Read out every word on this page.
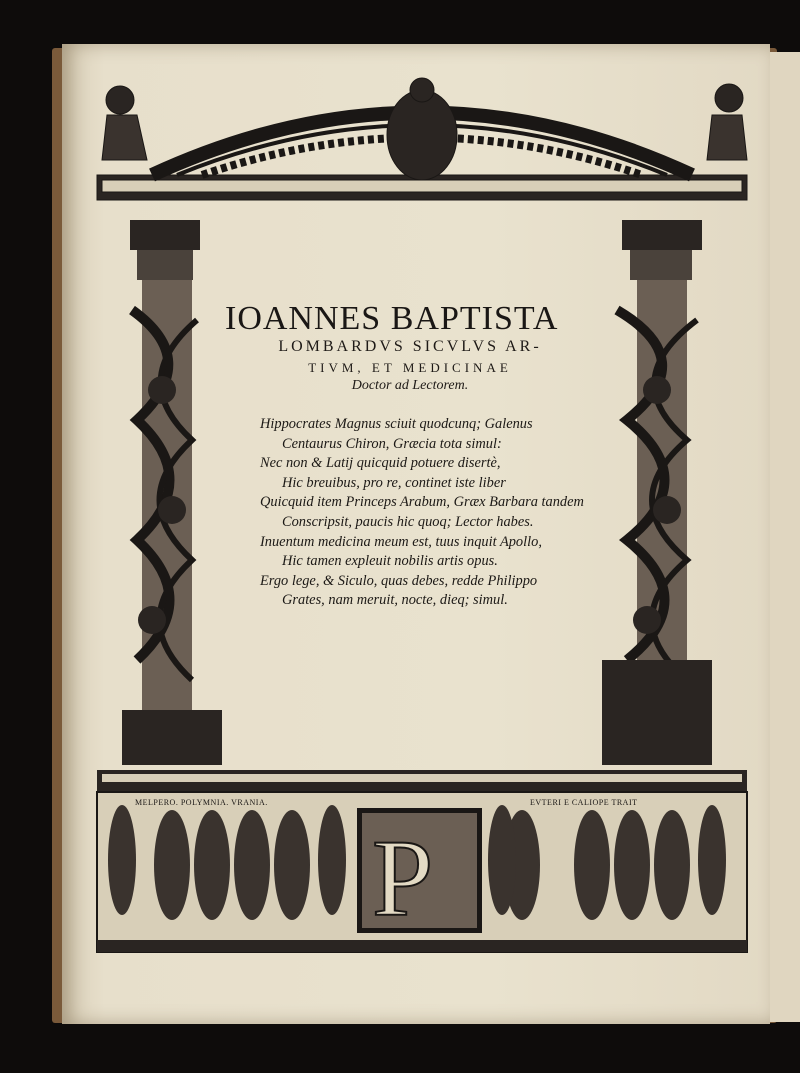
P
MELPERO. POLYMNIA. VRANIA.	EVTERI E CALIOPE TRAIT
IOANNES BAPTISTA
LOMBARDVS SICVLVS AR-
TIVM, ET MEDICINAE
Doctor ad Lectorem.
Hippocrates Magnus sciuit quodcunq; Galenus
Centaurus Chiron, Græcia tota simul:
Nec non & Latij quicquid potuere disertè,
Hic breuibus, pro re, continet iste liber
Quicquid item Princeps Arabum, Græx Barbara tandem
Conscripsit, paucis hic quoq; Lector habes.
Inuentum medicina meum est, tuus inquit Apollo,
Hic tamen expleuit nobilis artis opus.
Ergo lege, & Siculo, quas debes, redde Philippo
Grates, nam meruit, nocte, dieq; simul.
